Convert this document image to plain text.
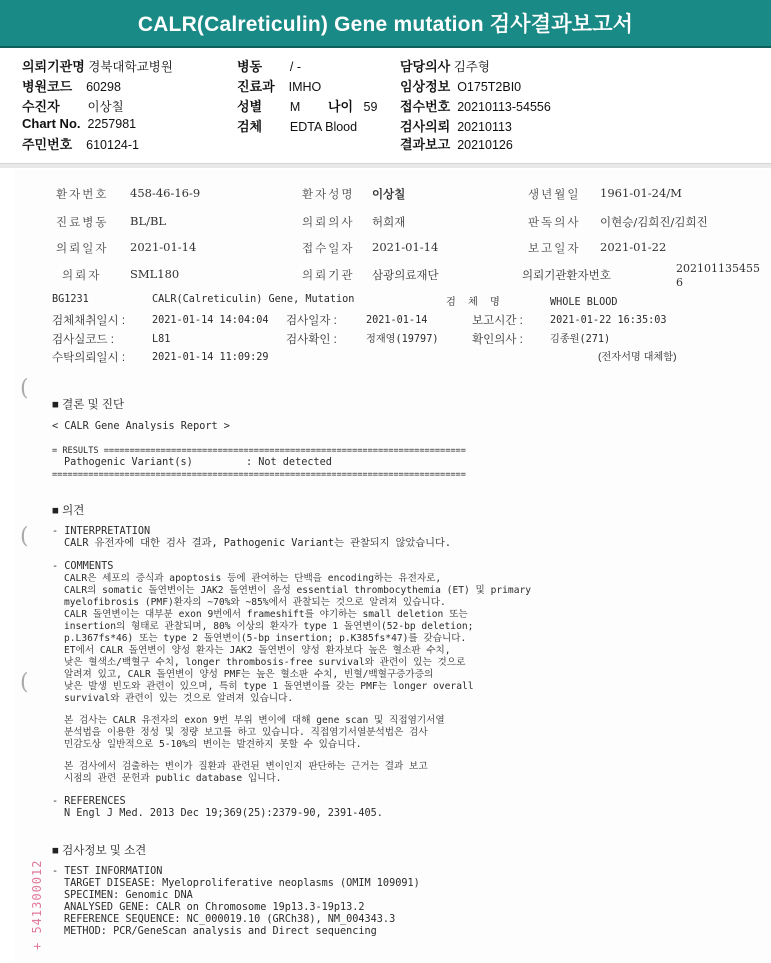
CALR(Calreticulin) Gene mutation 검사결과보고서
의뢰기관명 경북대학교병원
병원코드 60298
수진자 이상칠
Chart No. 2257981
주민번호 610124-1
병동 / -
진료과 IMHO
성별 M 나이 59
검체 EDTA Blood
담당의사 김주형
임상정보 O175T2BI0
접수번호 20210113-54556
검사의뢰 20210113
결과보고 20210126
환자번호 458-46-16-9	환자성명 이상칠	생년월일 1961-01-24/M
진료병동 BL/BL	의뢰의사 허희재	판독의사 이현승/김희진/김희진
의뢰일자 2021-01-14	접수일자 2021-01-14	보고일자 2021-01-22
의뢰자 SML180	의뢰기관 삼광의료재단	의뢰기관환자번호	202101135455
6
BG1231	CALR(Calreticulin) Gene, Mutation	검 체 명	WHOLE BLOOD
검체채취일시 :	2021-01-14 14:04:04 검사일자 :	2021-01-14	보고시간 :	2021-01-22 16:35:03
검사실코드 :	L81	검사확인 :	정재영(19797)	확인의사 :	김종원(271)
수탁의뢰일시 :	2021-01-14 11:09:29	(전자서명 대체함)
(
■ 결론 및 진단
< CALR Gene Analysis Report >
= RESULTS ======================================================================
Pathogenic Variant(s)	: Not detected
================================================================================
■ 의견
( - INTERPRETATION
CALR 유전자에 대한 검사 결과, Pathogenic Variant는 관찰되지 않았습니다.
- COMMENTS
CALR은 세포의 증식과 apoptosis 등에 관여하는 단백을 encoding하는 유전자로,
CALR의 somatic 돌연변이는 JAK2 돌연변이 음성 essential thrombocythemia (ET) 및 primary
myelofibrosis (PMF)환자의 ~70%와 ~85%에서 관찰되는 것으로 알려져 있습니다.
CALR 돌연변이는 대부분 exon 9번에서 frameshift를 야기하는 small deletion 또는
insertion의 형태로 관찰되며, 80% 이상의 환자가 type 1 돌연변이(52-bp deletion;
p.L367fs*46) 또는 type 2 돌연변이(5-bp insertion; p.K385fs*47)를 갖습니다.
ET에서 CALR 돌연변이 양성 환자는 JAK2 돌연변이 양성 환자보다 높은 혈소판 수치,
낮은 혈색소/백혈구 수치, longer thrombosis-free survival와 관련이 있는 것으로
알려져 있고, CALR 돌연변이 양성 PMF는 높은 혈소판 수치, 빈혈/백혈구증가증의
낮은 발생 빈도와 관련이 있으며, 특히 type 1 돌연변이를 갖는 PMF는 longer overall
survival와 관련이 있는 것으로 알려져 있습니다.
(
본 검사는 CALR 유전자의 exon 9번 부위 변이에 대해 gene scan 및 직접염기서열
분석법을 이용한 정성 및 정량 보고를 하고 있습니다. 직접염기서열분석법은 검사
민감도상 일반적으로 5-10%의 변이는 발견하지 못할 수 있습니다.
본 검사에서 검출하는 변이가 질환과 관련된 변이인지 판단하는 근거는 결과 보고
시점의 관련 문헌과 public database 입니다.
- REFERENCES
N Engl J Med. 2013 Dec 19;369(25):2379-90, 2391-405.
■ 검사정보 및 소견
- TEST INFORMATION
TARGET DISEASE: Myeloproliferative neoplasms (OMIM 109091)
SPECIMEN: Genomic DNA
ANALYSED GENE: CALR on Chromosome 19p13.3-19p13.2
REFERENCE SEQUENCE: NC_000019.10 (GRCh38), NM_004343.3
METHOD: PCR/GeneScan analysis and Direct sequencing
+ 541300012
